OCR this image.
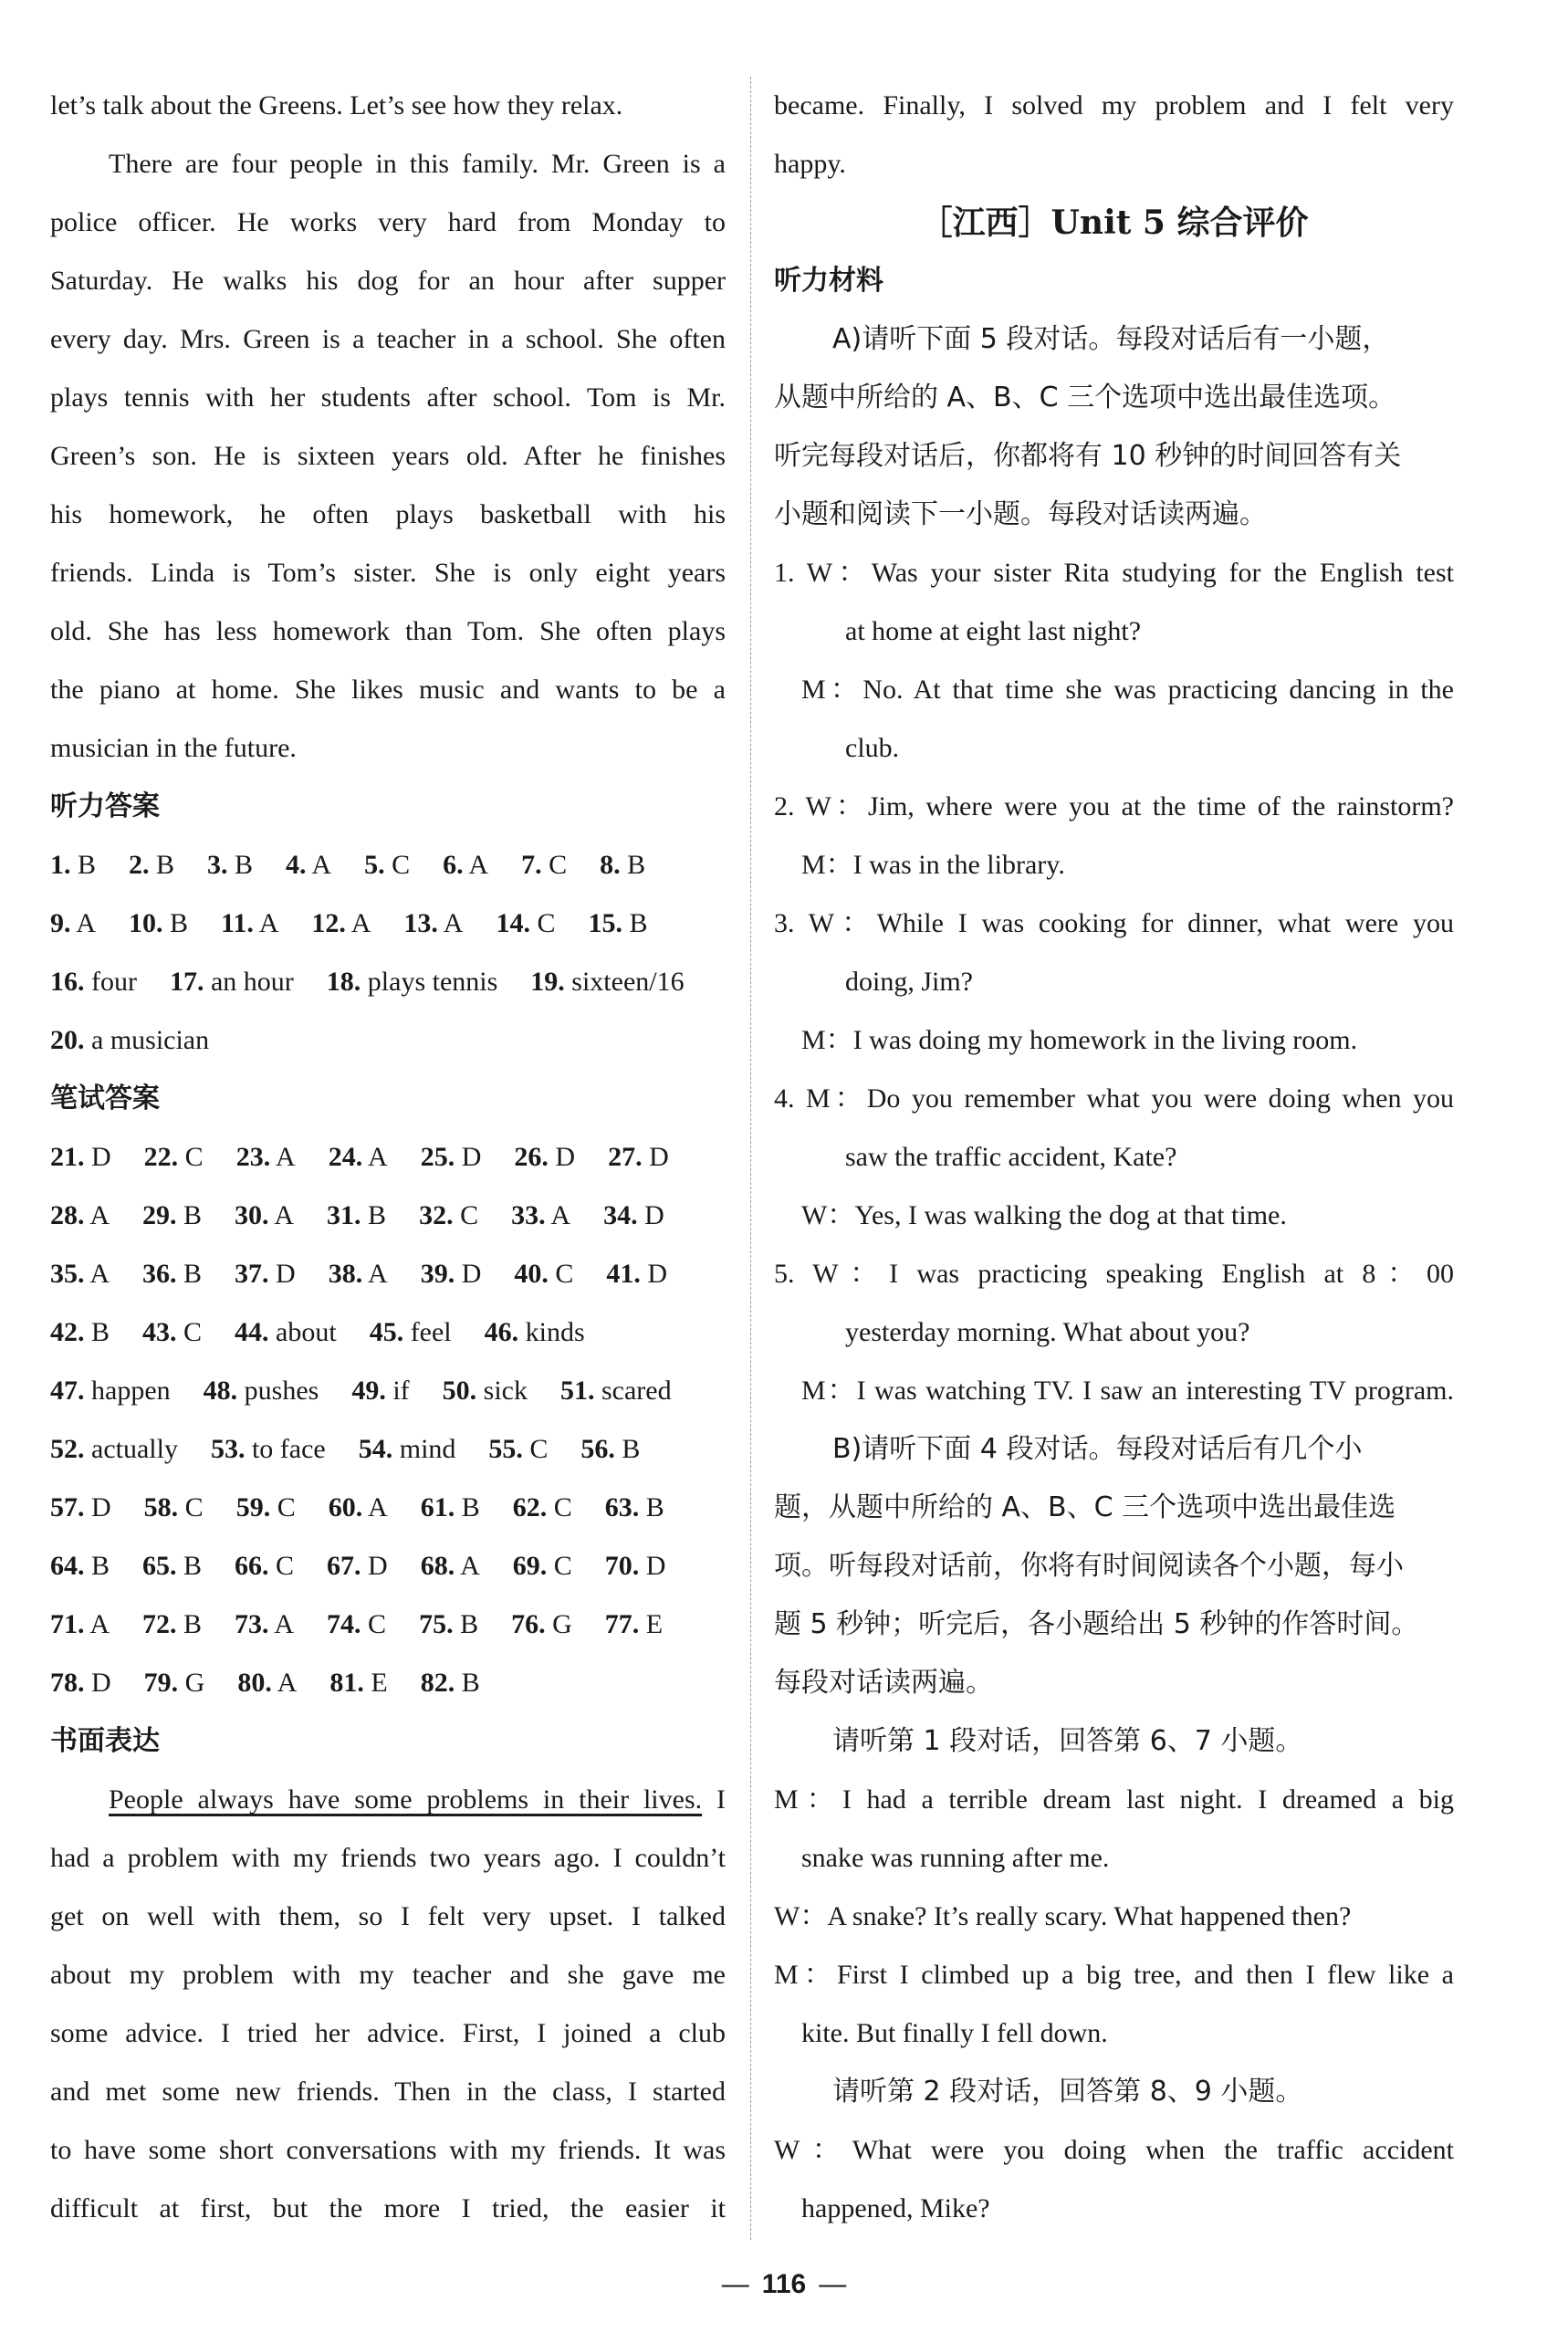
let’s talk about the Greens. Let’s see how they relax.
There are four people in this family. Mr. Green is a
police officer. He works very hard from Monday to
Saturday. He walks his dog for an hour after supper
every day. Mrs. Green is a teacher in a school. She often
plays tennis with her students after school. Tom is Mr.
Green’s son. He is sixteen years old. After he finishes
his homework, he often plays basketball with his
friends. Linda is Tom’s sister. She is only eight years
old. She has less homework than Tom. She often plays
the piano at home. She likes music and wants to be a
musician in the future.
听力答案
1. B 2. B 3. B 4. A 5. C 6. A 7. C 8. B
9. A 10. B 11. A 12. A 13. A 14. C 15. B
16. four 17. an hour 18. plays tennis 19. sixteen/16
20. a musician
笔试答案
21. D 22. C 23. A 24. A 25. D 26. D 27. D
28. A 29. B 30. A 31. B 32. C 33. A 34. D
35. A 36. B 37. D 38. A 39. D 40. C 41. D
42. B 43. C 44. about 45. feel 46. kinds
47. happen 48. pushes 49. if 50. sick 51. scared
52. actually 53. to face 54. mind 55. C 56. B
57. D 58. C 59. C 60. A 61. B 62. C 63. B
64. B 65. B 66. C 67. D 68. A 69. C 70. D
71. A 72. B 73. A 74. C 75. B 76. G 77. E
78. D 79. G 80. A 81. E 82. B
书面表达
People always have some problems in their lives. I
had a problem with my friends two years ago. I couldn’t
get on well with them, so I felt very upset. I talked
about my problem with my teacher and she gave me
some advice. I tried her advice. First, I joined a club
and met some new friends. Then in the class, I started
to have some short conversations with my friends. It was
difficult at first, but the more I tried, the easier it
became. Finally, I solved my problem and I felt very
happy.
［江西］Unit 5 综合评价
听力材料
A)请听下面 5 段对话。每段对话后有一小题，
从题中所给的 A、B、C 三个选项中选出最佳选项。
听完每段对话后，你都将有 10 秒钟的时间回答有关
小题和阅读下一小题。每段对话读两遍。
1. W：Was your sister Rita studying for the English test
at home at eight last night?
M：No. At that time she was practicing dancing in the
club.
2. W：Jim, where were you at the time of the rainstorm?
M：I was in the library.
3. W：While I was cooking for dinner, what were you
doing, Jim?
M：I was doing my homework in the living room.
4. M：Do you remember what you were doing when you
saw the traffic accident, Kate?
W：Yes, I was walking the dog at that time.
5. W：I was practicing speaking English at 8：00
yesterday morning. What about you?
M：I was watching TV. I saw an interesting TV program.
B)请听下面 4 段对话。每段对话后有几个小
题，从题中所给的 A、B、C 三个选项中选出最佳选
项。听每段对话前，你将有时间阅读各个小题，每小
题 5 秒钟；听完后，各小题给出 5 秒钟的作答时间。
每段对话读两遍。
请听第 1 段对话，回答第 6、7 小题。
M：I had a terrible dream last night. I dreamed a big
snake was running after me.
W：A snake? It’s really scary. What happened then?
M：First I climbed up a big tree, and then I flew like a
kite. But finally I fell down.
请听第 2 段对话，回答第 8、9 小题。
W：What were you doing when the traffic accident
happened, Mike?
— 116 —
